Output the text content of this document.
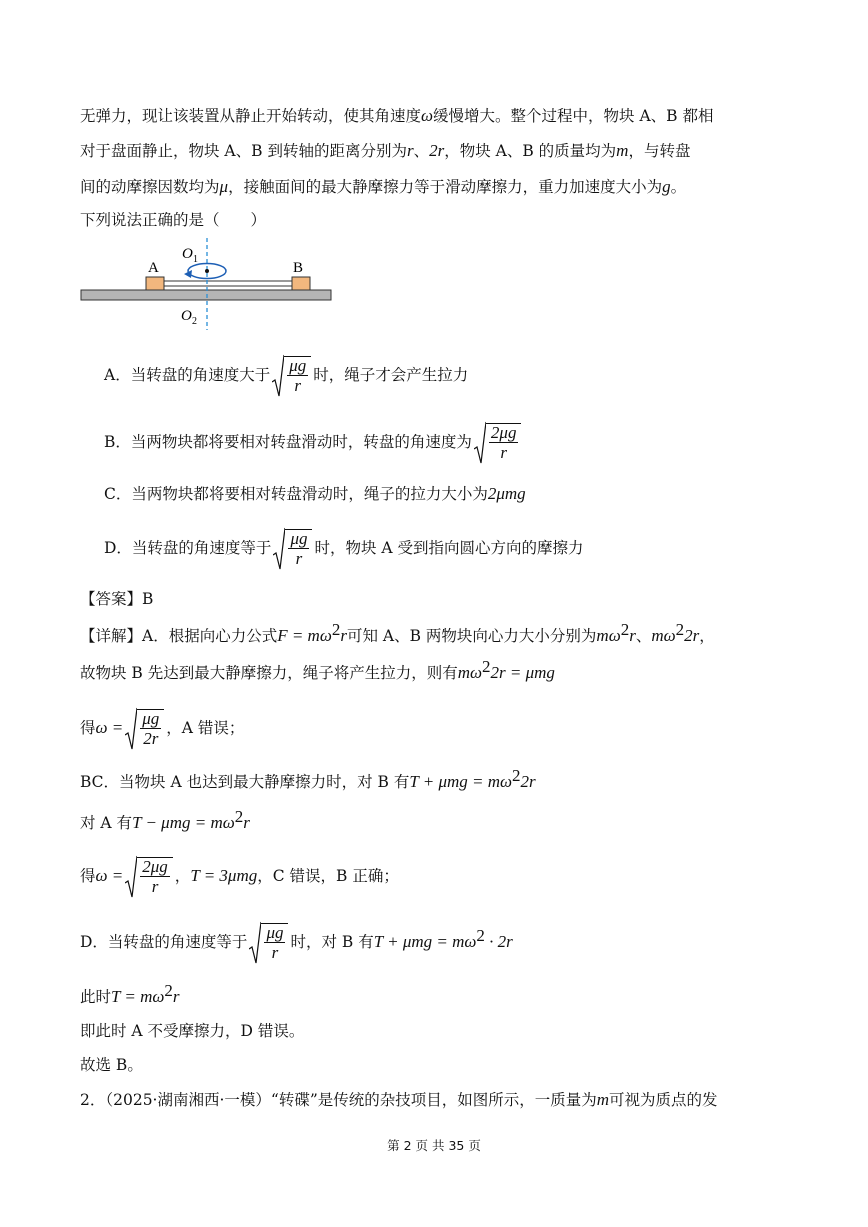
无弹力，现让该装置从静止开始转动，使其角速度ω缓慢增大。整个过程中，物块 A、B 都相
对于盘面静止，物块 A、B 到转轴的距离分别为r、2r，物块 A、B 的质量均为m，与转盘
间的动摩擦因数均为μ，接触面间的最大静摩擦力等于滑动摩擦力，重力加速度大小为g。
下列说法正确的是（　　）
O 1
O 2
A	B
A．当转盘的角速度大于 $\frac{\mu g}{r}$ 时，绳子才会产生拉力
B．当两物块都将要相对转盘滑动时，转盘的角速度为 $\frac{2\mu g}{r}$
C．当两物块都将要相对转盘滑动时，绳子的拉力大小为2μmg
D．当转盘的角速度等于 $\frac{\mu g}{r}$ 时，物块 A 受到指向圆心方向的摩擦力
【答案】B
【详解】A．根据向心力公式$F = m\omega^2r$可知 A、B 两物块向心力大小分别为$m\omega^2r$、$m\omega^22r$，
故物块 B 先达到最大静摩擦力，绳子将产生拉力，则有$m\omega^22r = \mu mg$
得$\omega = \frac{\mu g}{2r}$ ，A 错误；
BC．当物块 A 也达到最大静摩擦力时，对 B 有$T + \mu mg = m\omega^22r$
对 A 有$T - \mu mg = m\omega^2r$
得$\omega = \frac{2\mu g}{r}$ ，T = 3μmg，C 错误，B 正确；
D．当转盘的角速度等于 $\frac{\mu g}{r}$ 时，对 B 有$T + \mu mg = m\omega^2 \cdot 2r$
此时$T = m\omega^2r$
即此时 A 不受摩擦力，D 错误。
故选 B。
2．（2025·湖南湘西·一模）“转碟”是传统的杂技项目，如图所示，一质量为m可视为质点的发
第 2 页 共 35 页
